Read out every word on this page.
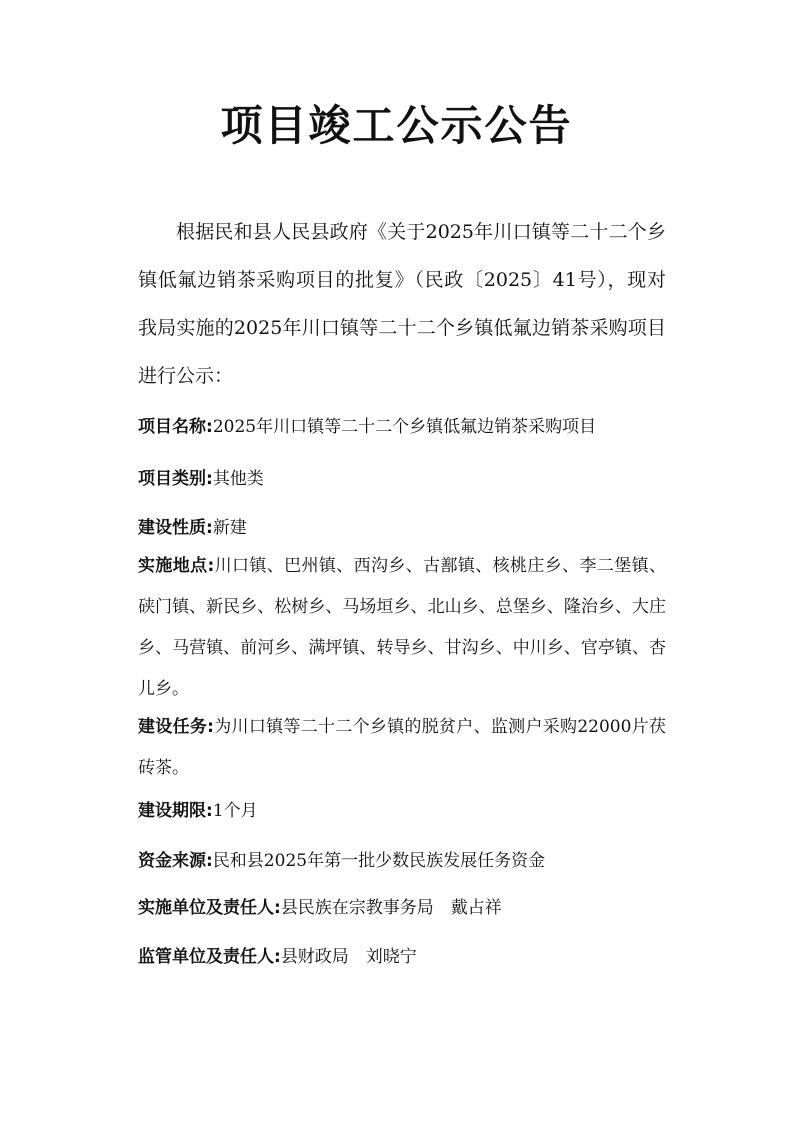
项目竣工公示公告

根据民和县人民县政府《关于2025年川口镇等二十二个乡镇低氟边销茶采购项目的批复》（民政〔2025〕41号），现对我局实施的2025年川口镇等二十二个乡镇低氟边销茶采购项目进行公示：

项目名称:2025年川口镇等二十二个乡镇低氟边销茶采购项目

项目类别:其他类

建设性质:新建

实施地点:川口镇、巴州镇、西沟乡、古鄯镇、核桃庄乡、李二堡镇、硖门镇、新民乡、松树乡、马场垣乡、北山乡、总堡乡、隆治乡、大庄乡、马营镇、前河乡、满坪镇、转导乡、甘沟乡、中川乡、官亭镇、杏儿乡。

建设任务:为川口镇等二十二个乡镇的脱贫户、监测户采购22000片茯砖茶。

建设期限:1个月

资金来源:民和县2025年第一批少数民族发展任务资金

实施单位及责任人:县民族在宗教事务局　戴占祥

监管单位及责任人:县财政局　刘晓宁
